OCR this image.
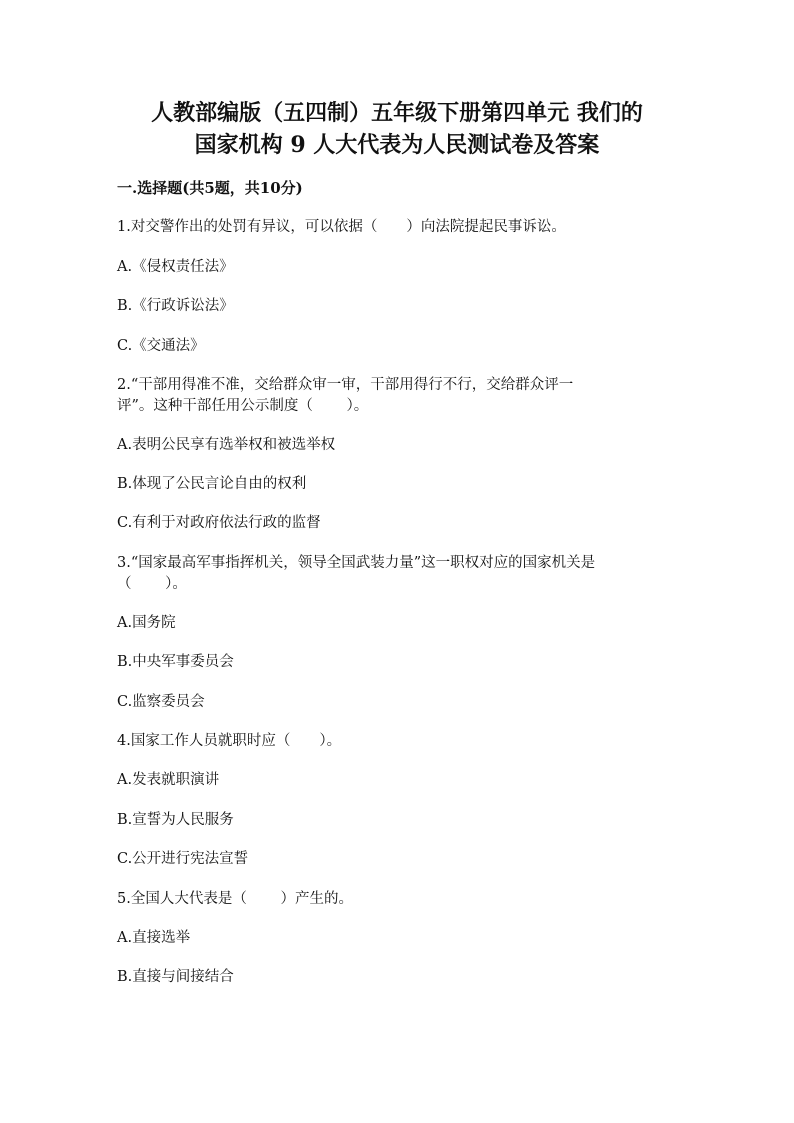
人教部编版（五四制）五年级下册第四单元 我们的
国家机构 9 人大代表为人民测试卷及答案
一.选择题(共5题，共10分)
1.对交警作出的处罚有异议，可以依据（　　）向法院提起民事诉讼。
A.《侵权责任法》
B.《行政诉讼法》
C.《交通法》
2.“干部用得准不准，交给群众审一审，干部用得行不行，交给群众评一
评”。这种干部任用公示制度（　　 ）。
A.表明公民享有选举权和被选举权
B.体现了公民言论自由的权利
C.有利于对政府依法行政的监督
3.“国家最高军事指挥机关，领导全国武装力量”这一职权对应的国家机关是
（　　 ）。
A.国务院
B.中央军事委员会
C.监察委员会
4.国家工作人员就职时应（　　）。
A.发表就职演讲
B.宣誓为人民服务
C.公开进行宪法宣誓
5.全国人大代表是（　　 ）产生的。
A.直接选举
B.直接与间接结合
